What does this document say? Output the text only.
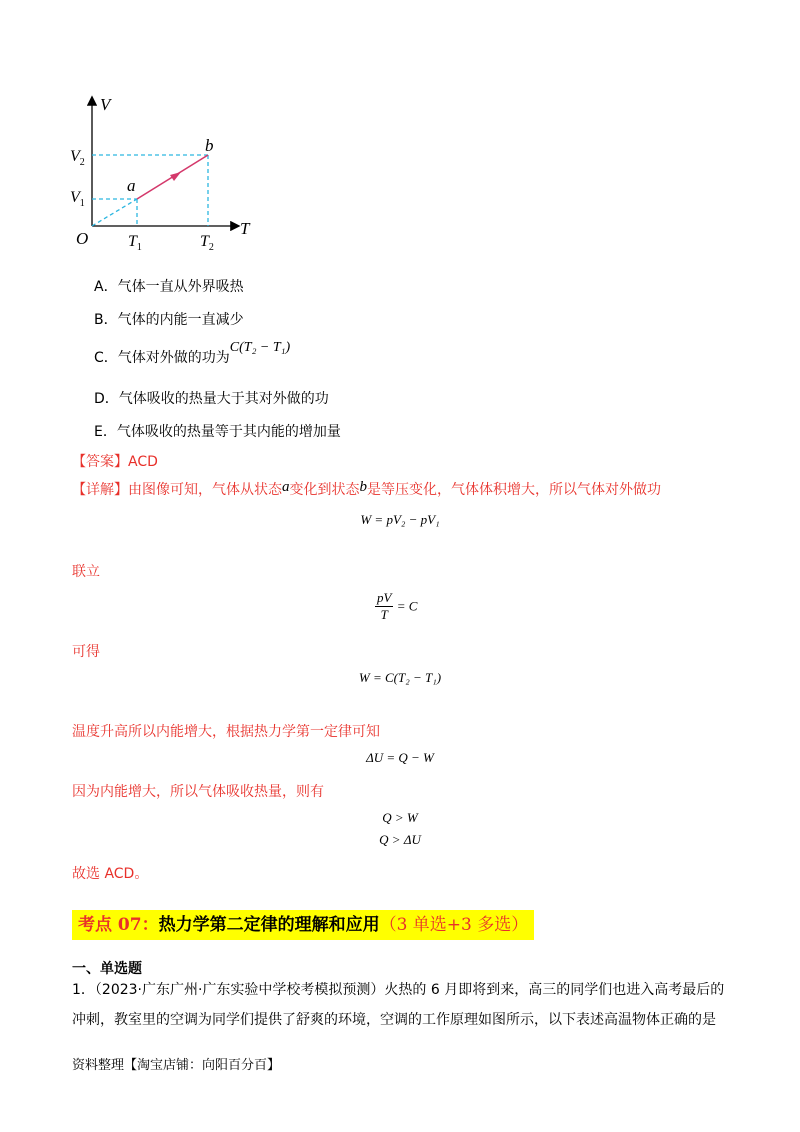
V
T
O
$V_2$
$V_1$
$T_1$	$T_2$
a
b
A．气体一直从外界吸热
B．气体的内能一直减少
C．气体对外做的功为C(T₂ − T₁)
D．气体吸收的热量大于其对外做的功
E．气体吸收的热量等于其内能的增加量
【答案】ACD
【详解】由图像可知，气体从状态a变化到状态b是等压变化，气体体积增大，所以气体对外做功
W = pV₂ − pV₁
联立
$\frac{pV}{T} = C$
可得
W = C(T₂ − T₁)
温度升高所以内能增大，根据热力学第一定律可知
ΔU = Q − W
因为内能增大，所以气体吸收热量，则有
Q > W
Q > ΔU
故选 ACD。
考点 07：热力学第二定律的理解和应用（3 单选+3 多选）
一、单选题
1．（2023·广东广州·广东实验中学校考模拟预测）火热的 6 月即将到来，高三的同学们也进入高考最后的冲刺，教室里的空调为同学们提供了舒爽的环境，空调的工作原理如图所示，以下表述高温物体正确的是
资料整理【淘宝店铺：向阳百分百】
